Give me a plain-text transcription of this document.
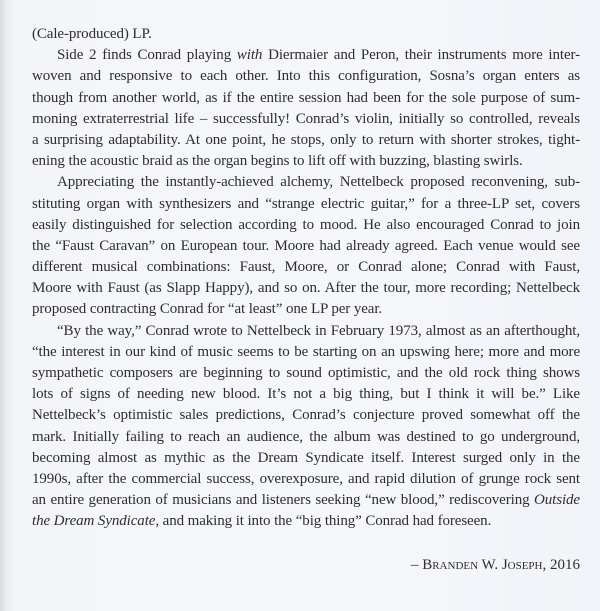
(Cale-produced) LP.
Side 2 finds Conrad playing with Diermaier and Peron, their instruments more inter-
woven and responsive to each other. Into this configuration, Sosna’s organ enters as
though from another world, as if the entire session had been for the sole purpose of sum-
moning extraterrestrial life – successfully! Conrad’s violin, initially so controlled, reveals
a surprising adaptability. At one point, he stops, only to return with shorter strokes, tight-
ening the acoustic braid as the organ begins to lift off with buzzing, blasting swirls.
Appreciating the instantly-achieved alchemy, Nettelbeck proposed reconvening, sub-
stituting organ with synthesizers and “strange electric guitar,” for a three-LP set, covers
easily distinguished for selection according to mood. He also encouraged Conrad to join
the “Faust Caravan” on European tour. Moore had already agreed. Each venue would see
different musical combinations: Faust, Moore, or Conrad alone; Conrad with Faust,
Moore with Faust (as Slapp Happy), and so on. After the tour, more recording; Nettelbeck
proposed contracting Conrad for “at least” one LP per year.
“By the way,” Conrad wrote to Nettelbeck in February 1973, almost as an afterthought,
“the interest in our kind of music seems to be starting on an upswing here; more and more
sympathetic composers are beginning to sound optimistic, and the old rock thing shows
lots of signs of needing new blood. It’s not a big thing, but I think it will be.” Like
Nettelbeck’s optimistic sales predictions, Conrad’s conjecture proved somewhat off the
mark. Initially failing to reach an audience, the album was destined to go underground,
becoming almost as mythic as the Dream Syndicate itself. Interest surged only in the
1990s, after the commercial success, overexposure, and rapid dilution of grunge rock sent
an entire generation of musicians and listeners seeking “new blood,” rediscovering Outside
the Dream Syndicate, and making it into the “big thing” Conrad had foreseen.
– Branden W. Joseph, 2016
